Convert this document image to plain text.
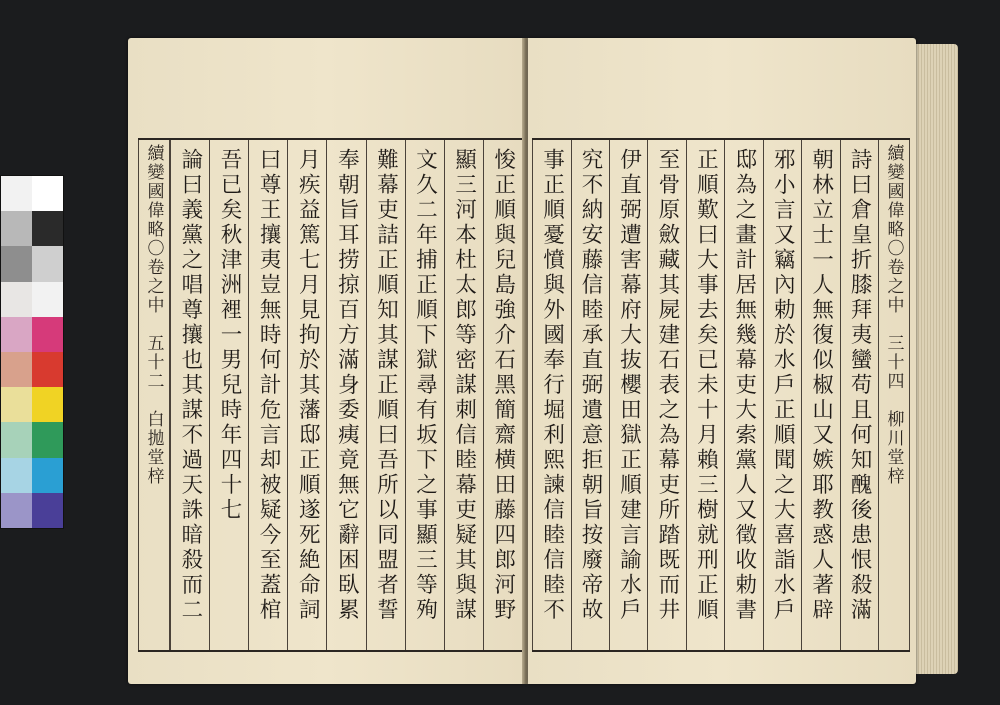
悛正順與兒島強介石黑簡齋横田藤四郎河野
顯三河本杜太郎等密謀刺信睦幕吏疑其與謀
文久二年捕正順下獄尋有坂下之事顯三等殉
難幕吏詰正順知其謀正順曰吾所以同盟者誓
奉朝旨耳捞掠百方滿身委痍竟無它辭困臥累
月疾益篤七月見拘於其藩邸正順遂死絶命詞
曰尊王攘夷豈無時何計危言却被疑今至蓋棺
吾已矣秋津洲裡一男兒時年四十七
論曰義黨之唱尊攘也其謀不過天誅暗殺而二
續變國偉略〇卷之中　五十二　白拋堂梓	續變國偉略〇卷之中　三十四　柳川堂梓
詩曰倉皇折膝拜夷蠻苟且何知醜後患恨殺滿
朝林立士一人無復似椒山又嫉耶教惑人著辟
邪小言又竊內勅於水戶正順聞之大喜詣水戶
邸為之畫計居無幾幕吏大索黨人又徵收勅書
正順歎曰大事去矣已未十月賴三樹就刑正順
至骨原斂藏其屍建石表之為幕吏所踏既而井
伊直弼遭害幕府大抜櫻田獄正順建言諭水戶
究不納安藤信睦承直弼遺意拒朝旨按廢帝故
事正順憂憤與外國奉行堀利熙諫信睦信睦不
